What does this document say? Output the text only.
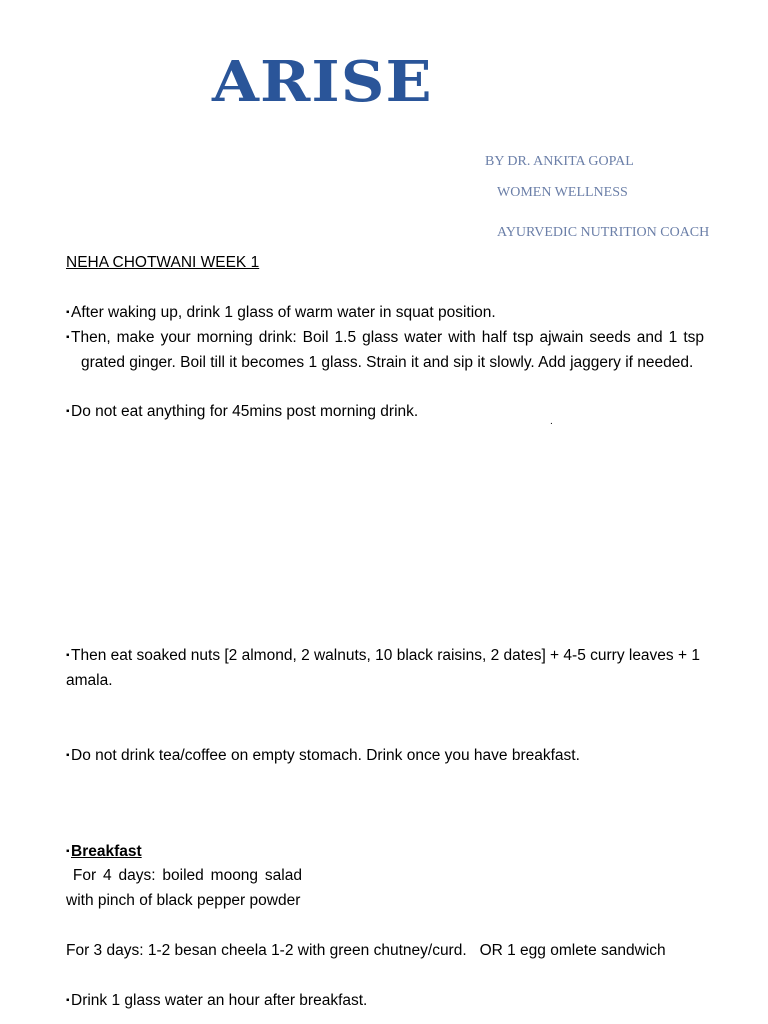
ARISE
BY DR. ANKITA GOPAL
WOMEN WELLNESS
AYURVEDIC NUTRITION COACH
NEHA CHOTWANI WEEK 1
▪ After waking up, drink 1 glass of warm water in squat position.
▪ Then, make your morning drink: Boil 1.5 glass water with half tsp ajwain seeds and 1 tsp grated ginger. Boil till it becomes 1 glass. Strain it and sip it slowly. Add jaggery if needed.
▪ Do not eat anything for 45mins post morning drink.
.
▪ Then eat soaked nuts [2 almond, 2 walnuts, 10 black raisins, 2 dates] + 4-5 curry leaves + 1 amala.
▪ Do not drink tea/coffee on empty stomach. Drink once you have breakfast.
▪ Breakfast
For 4 days: boiled moong salad with pinch of black pepper powder
For 3 days: 1-2 besan cheela 1-2 with green chutney/curd.   OR 1 egg omlete sandwich
▪ Drink 1 glass water an hour after breakfast.
